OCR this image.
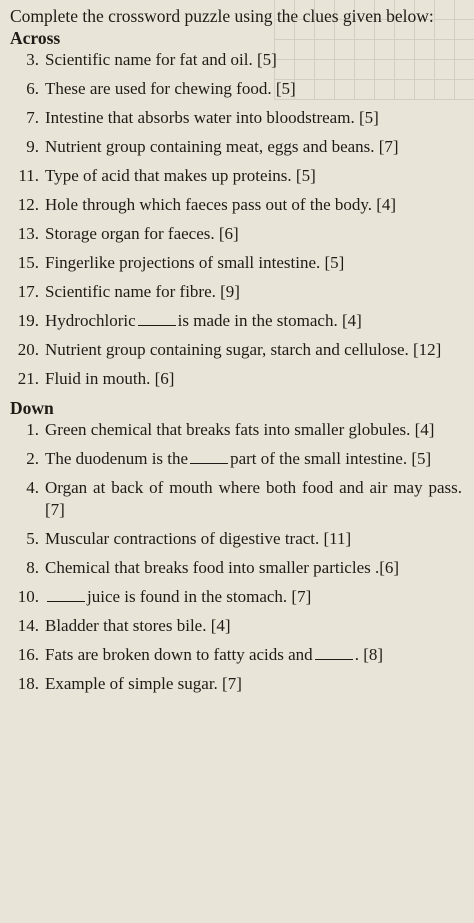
Complete the crossword puzzle using the clues given below:

Across

3. Scientific name for fat and oil. [5]
6. These are used for chewing food. [5]
7. Intestine that absorbs water into bloodstream. [5]
9. Nutrient group containing meat, eggs and beans. [7]
11. Type of acid that makes up proteins. [5]
12. Hole through which faeces pass out of the body. [4]
13. Storage organ for faeces. [6]
15. Fingerlike projections of small intestine. [5]
17. Scientific name for fibre. [9]
19. Hydrochloric is made in the stomach. [4]
20. Nutrient group containing sugar, starch and cellulose. [12]
21. Fluid in mouth. [6]

Down

1. Green chemical that breaks fats into smaller globules. [4]
2. The duodenum is the part of the small intestine. [5]
4. Organ at back of mouth where both food and air may pass. [7]
5. Muscular contractions of digestive tract. [11]
8. Chemical that breaks food into smaller particles .[6]
10.	juice is found in the stomach. [7]
14. Bladder that stores bile. [4]
16. Fats are broken down to fatty acids and . [8]
18. Example of simple sugar. [7]
